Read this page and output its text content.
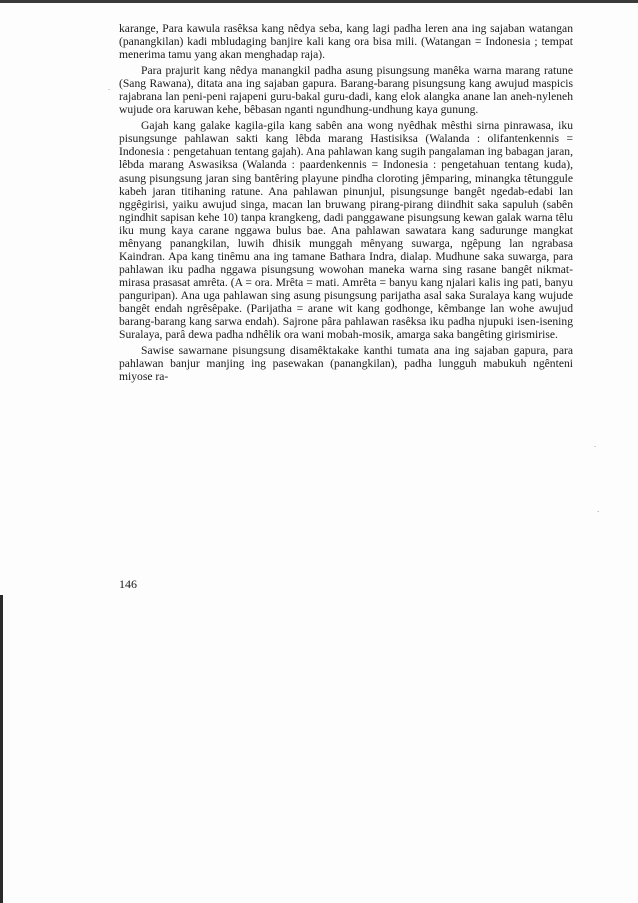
karange, Para kawula rasêksa kang nêdya seba, kang lagi padha leren ana ing sajaban watangan (panangkilan) kadi mbludaging banjire kali kang ora bisa mili. (Watangan = Indonesia ; tempat menerima tamu yang akan menghadap raja).

Para prajurit kang nêdya manangkil padha asung pisungsung manêka warna marang ratune (Sang Rawana), ditata ana ing sajaban gapura. Barang-barang pisungsung kang awujud maspicis rajabrana lan peni-peni rajapeni guru-bakal guru-dadi, kang elok alangka anane lan aneh-nyleneh wujude ora karuwan kehe, bêbasan nganti ngundhung-undhung kaya gunung.

Gajah kang galake kagila-gila kang sabên ana wong nyêdhak mêsthi sirna pinrawasa, iku pisungsunge pahlawan sakti kang lêbda marang Hastisiksa (Walanda : olifantenkennis = Indonesia : pengetahuan tentang gajah). Ana pahlawan kang sugih pangalaman ing babagan jaran, lêbda marang Aswasiksa (Walanda : paardenkennis = Indonesia : pengetahuan tentang kuda), asung pisungsung jaran sing bantêring playune pindha cloroting jêmparing, minangka têtunggule kabeh jaran titihaning ratune. Ana pahlawan pinunjul, pisungsunge bangêt ngedab-edabi lan nggêgirisi, yaiku awujud singa, macan lan bruwang pirang-pirang diindhit saka sapuluh (sabên ngindhit sapisan kehe 10) tanpa krangkeng, dadi panggawane pisungsung kewan galak warna têlu iku mung kaya carane nggawa bulus bae. Ana pahlawan sawatara kang sadurunge mangkat mênyang panangkilan, luwih dhisik munggah mênyang suwarga, ngêpung lan ngrabasa Kaindran. Apa kang tinêmu ana ing tamane Bathara Indra, dialap. Mudhune saka suwarga, para pahlawan iku padha nggawa pisungsung wowohan maneka warna sing rasane bangêt nikmat-mirasa prasasat amrêta. (A = ora. Mrêta = mati. Amrêta = banyu kang njalari kalis ing pati, banyu panguripan). Ana uga pahlawan sing asung pisungsung parijatha asal saka Suralaya kang wujude bangêt endah ngrêsêpake. (Parijatha = arane wit kang godhonge, kêmbange lan wohe awujud barang-barang kang sarwa endah). Sajrone pâra pahlawan rasêksa iku padha njupuki isen-isening Suralaya, parâ dewa padha ndhêlik ora wani mobah-mosik, amarga saka bangêting girismirise.

Sawise sawarnane pisungsung disamêktakake kanthi tumata ana ing sajaban gapura, para pahlawan banjur manjing ing pasewakan (panangkilan), padha lungguh mabukuh ngênteni miyose ra-

146
·
·
·
